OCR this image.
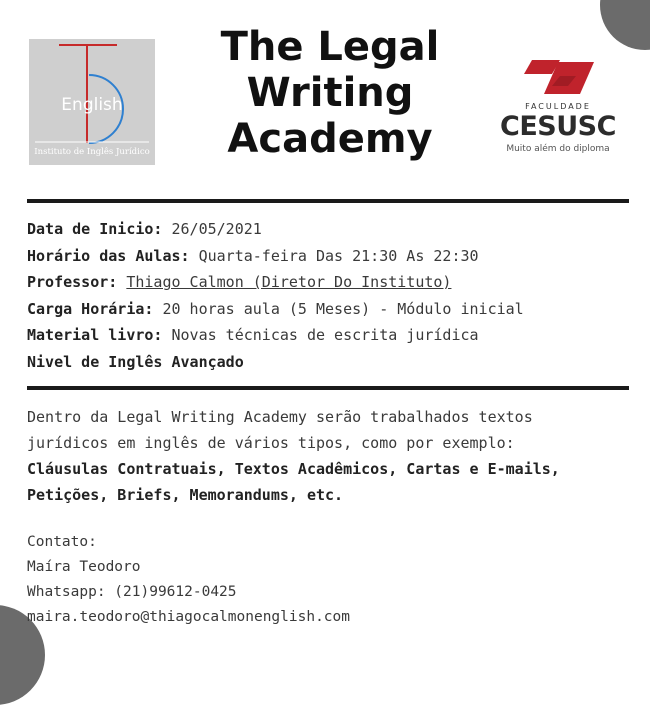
English
Instituto de Inglês Jurídico
The Legal
Writing
Academy
FACULDADE
CESUSC
Muito além do diploma
Data de Inicio: 26/05/2021
Horário das Aulas: Quarta-feira Das 21:30 As 22:30
Professor: Thiago Calmon (Diretor Do Instituto)
Carga Horária: 20 horas aula (5 Meses) - Módulo inicial
Material livro: Novas técnicas de escrita jurídica
Nivel de Inglês Avançado
Dentro da Legal Writing Academy serão trabalhados textos
jurídicos em inglês de vários tipos, como por exemplo:
Cláusulas Contratuais, Textos Acadêmicos, Cartas e E-mails,
Petições, Briefs, Memorandums, etc.
Contato:
Maíra Teodoro
Whatsapp: (21)99612-0425
maira.teodoro@thiagocalmonenglish.com
